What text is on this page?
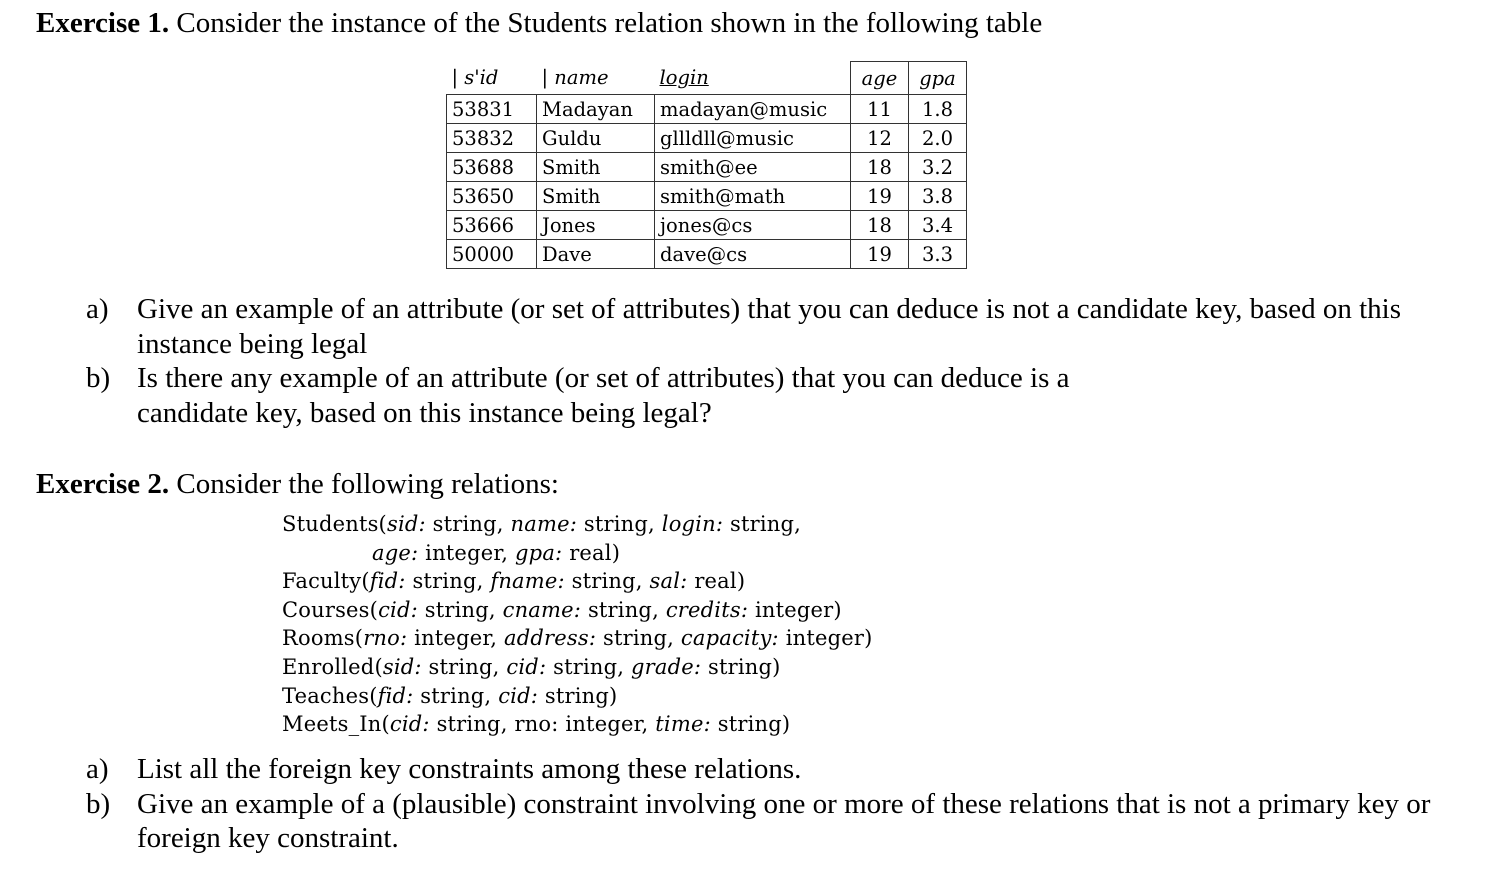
Exercise 1. Consider the instance of the Students relation shown in the following table
| s'id	| name	login	age	gpa
53831	Madayan	madayan@music	11	1.8
53832	Guldu	gllldll@music	12	2.0
53688	Smith	smith@ee	18	3.2
53650	Smith	smith@math	19	3.8
53666	Jones	jones@cs	18	3.4
50000	Dave	dave@cs	19	3.3
a) Give an example of an attribute (or set of attributes) that you can deduce is not a candidate key, based on this instance being legal
b) Is there any example of an attribute (or set of attributes) that you can deduce is a candidate key, based on this instance being legal?
Exercise 2. Consider the following relations:
Students(sid: string, name: string, login: string,
age: integer, gpa: real)
Faculty(fid: string, fname: string, sal: real)
Courses(cid: string, cname: string, credits: integer)
Rooms(rno: integer, address: string, capacity: integer)
Enrolled(sid: string, cid: string, grade: string)
Teaches(fid: string, cid: string)
Meets_In(cid: string, rno: integer, time: string)
a) List all the foreign key constraints among these relations.
b) Give an example of a (plausible) constraint involving one or more of these relations that is not a primary key or foreign key constraint.
